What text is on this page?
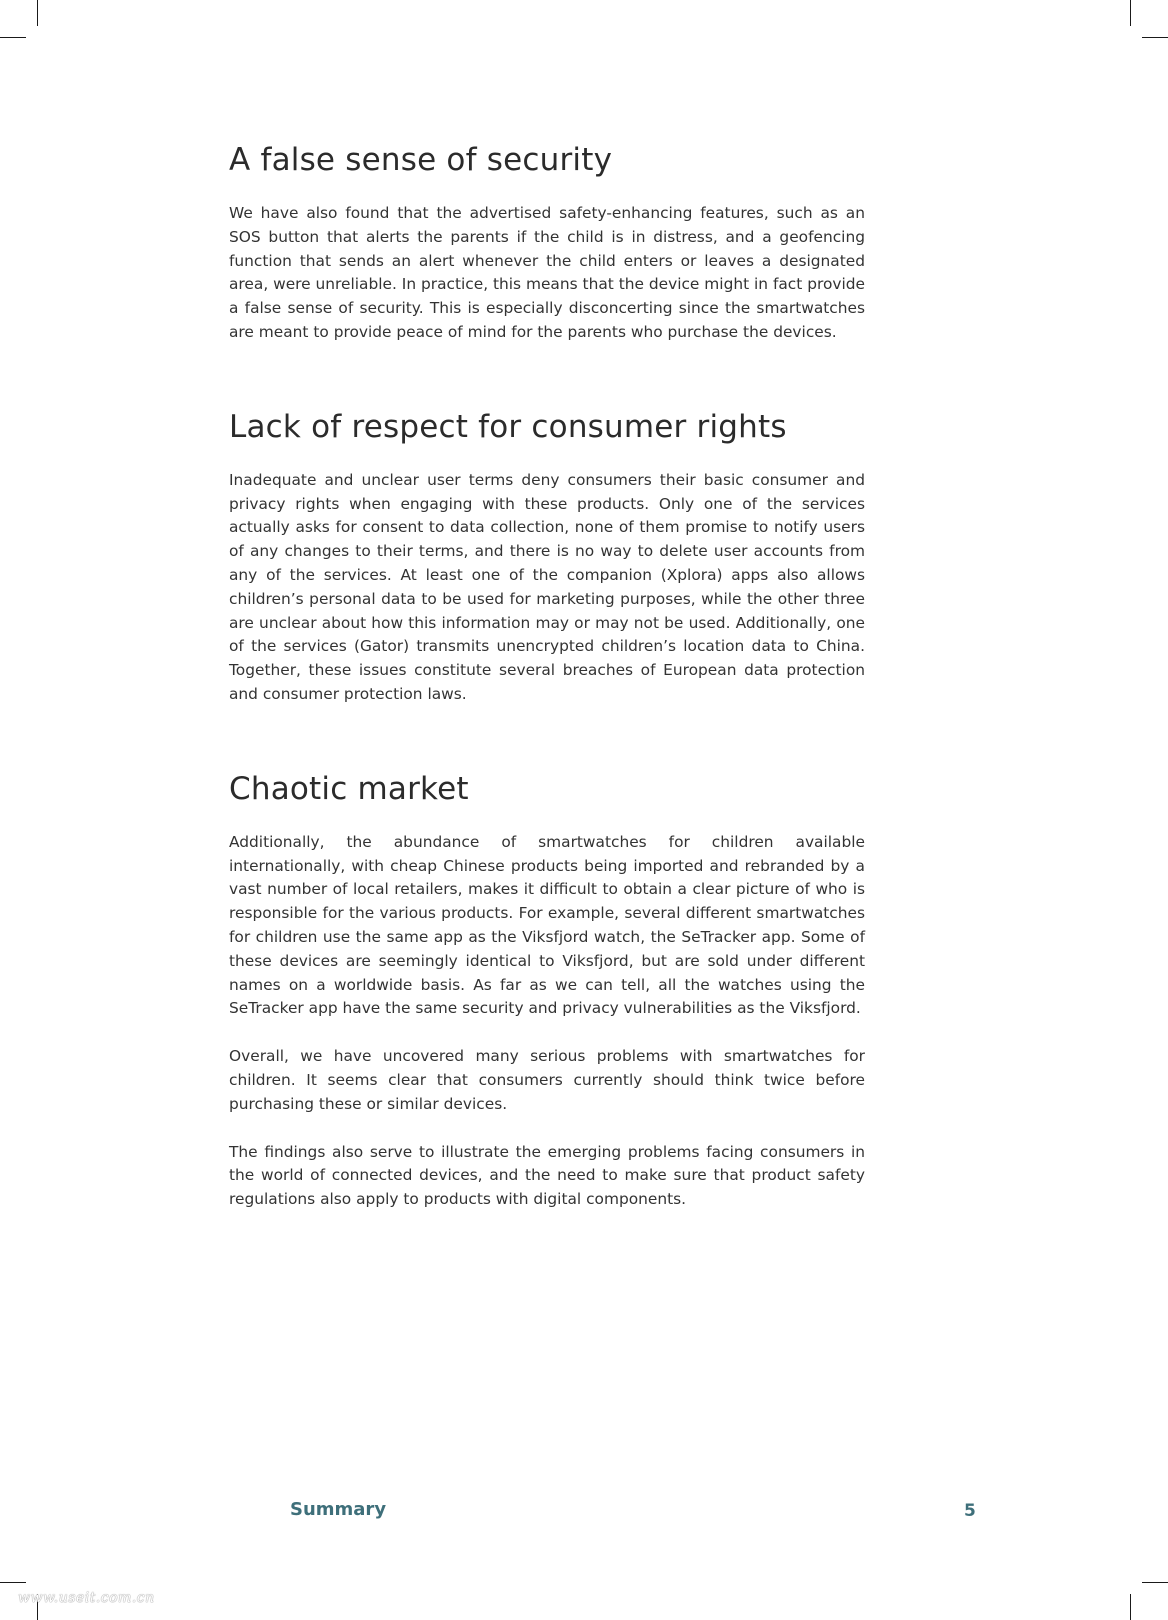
A false sense of security

We have also found that the advertised safety-enhancing features, such as an SOS button that alerts the parents if the child is in distress, and a geofencing function that sends an alert whenever the child enters or leaves a designated area, were unreliable. In practice, this means that the device might in fact provide a false sense of security. This is especially disconcerting since the smartwatches are meant to provide peace of mind for the parents who purchase the devices.

Lack of respect for consumer rights

Inadequate and unclear user terms deny consumers their basic consumer and privacy rights when engaging with these products. Only one of the services actually asks for consent to data collection, none of them promise to notify users of any changes to their terms, and there is no way to delete user accounts from any of the services. At least one of the companion (Xplora) apps also allows children’s personal data to be used for marketing purposes, while the other three are unclear about how this information may or may not be used. Additionally, one of the services (Gator) transmits unencrypted children’s location data to China. Together, these issues constitute several breaches of European data protection and consumer protection laws.

Chaotic market

Additionally, the abundance of smartwatches for children available internationally, with cheap Chinese products being imported and rebranded by a vast number of local retailers, makes it difficult to obtain a clear picture of who is responsible for the various products. For example, several different smartwatches for children use the same app as the Viksfjord watch, the SeTracker app. Some of these devices are seemingly identical to Viksfjord, but are sold under different names on a worldwide basis. As far as we can tell, all the watches using the SeTracker app have the same security and privacy vulnerabilities as the Viksfjord.

Overall, we have uncovered many serious problems with smartwatches for children. It seems clear that consumers currently should think twice before purchasing these or similar devices.

The findings also serve to illustrate the emerging problems facing consumers in the world of connected devices, and the need to make sure that product safety regulations also apply to products with digital components.

Summary	5
www.useit.com.cn
